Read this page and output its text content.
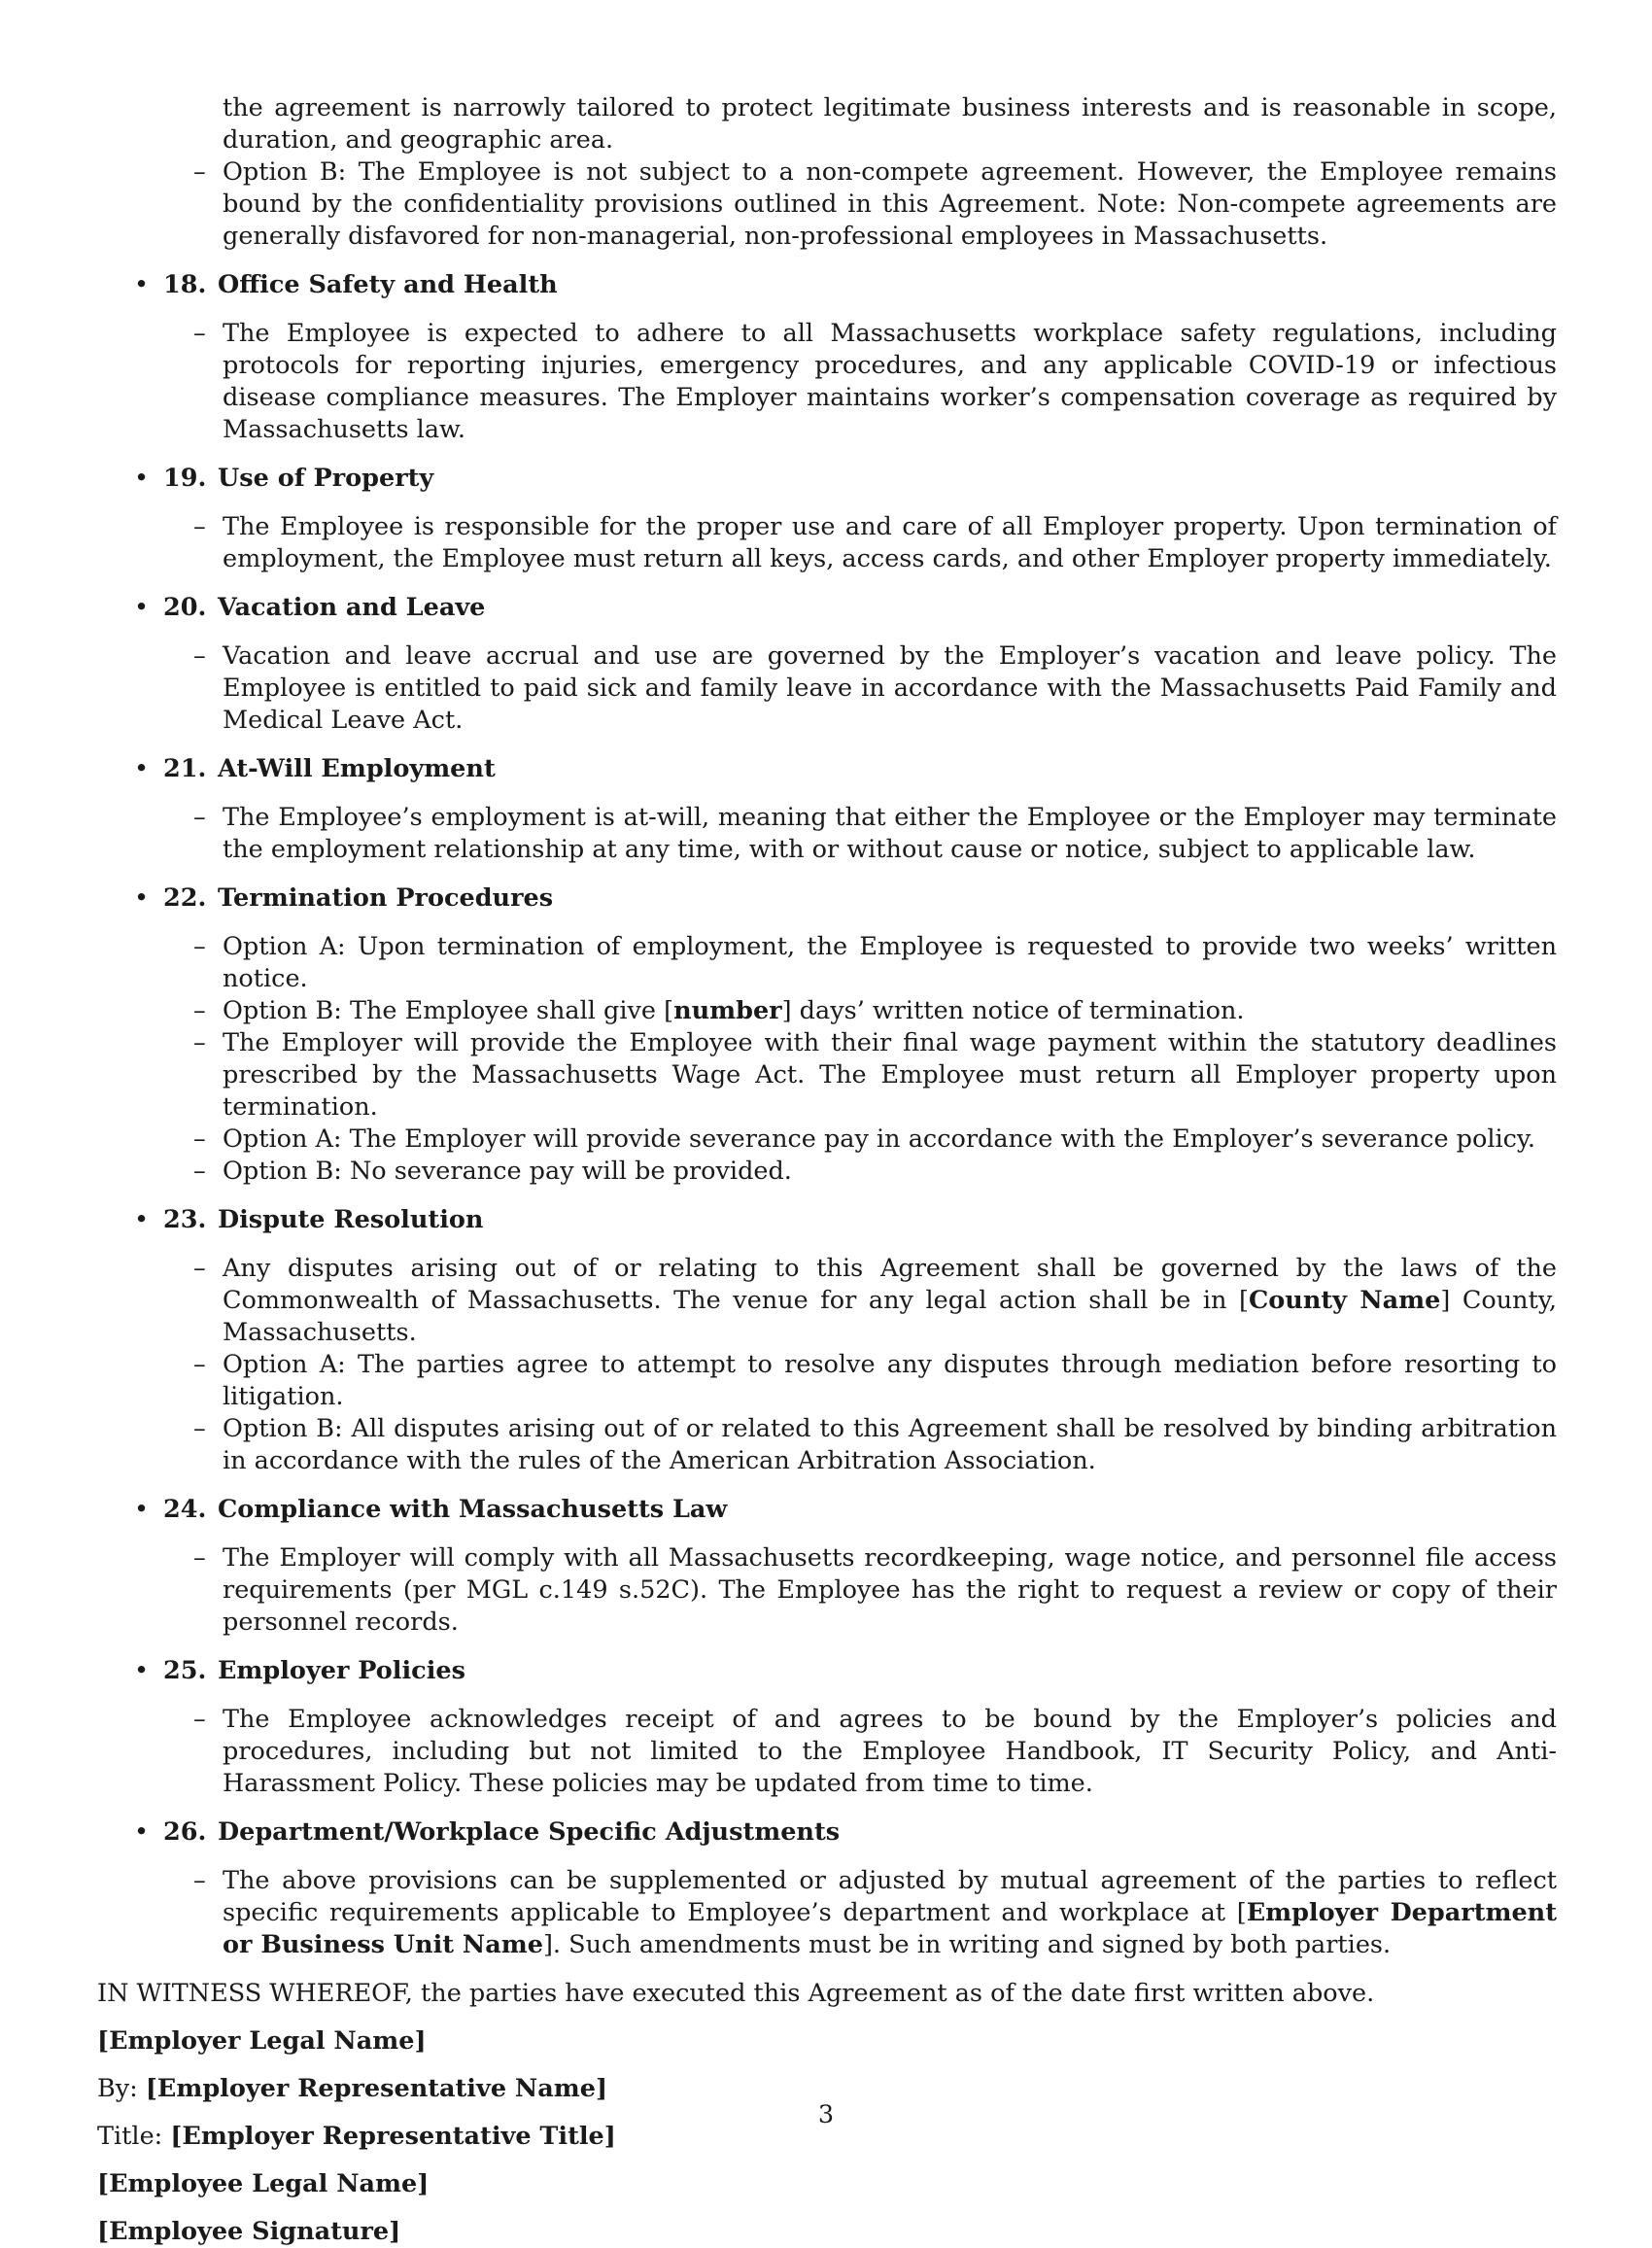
the agreement is narrowly tailored to protect legitimate business interests and is reasonable in scope, duration, and geographic area.
– Option B: The Employee is not subject to a non-compete agreement. However, the Employee remains bound by the confidentiality provisions outlined in this Agreement. Note: Non-compete agreements are generally disfavored for non-managerial, non-professional employees in Massachusetts.
• 18. Office Safety and Health
– The Employee is expected to adhere to all Massachusetts workplace safety regulations, including protocols for reporting injuries, emergency procedures, and any applicable COVID-19 or infectious disease compliance measures. The Employer maintains worker’s compensation coverage as required by Massachusetts law.
• 19. Use of Property
– The Employee is responsible for the proper use and care of all Employer property. Upon termination of employment, the Employee must return all keys, access cards, and other Employer property immediately.
• 20. Vacation and Leave
– Vacation and leave accrual and use are governed by the Employer’s vacation and leave policy. The Employee is entitled to paid sick and family leave in accordance with the Massachusetts Paid Family and Medical Leave Act.
• 21. At-Will Employment
– The Employee’s employment is at-will, meaning that either the Employee or the Employer may terminate the employment relationship at any time, with or without cause or notice, subject to applicable law.
• 22. Termination Procedures
– Option A: Upon termination of employment, the Employee is requested to provide two weeks’ written notice.
– Option B: The Employee shall give [number] days’ written notice of termination.
– The Employer will provide the Employee with their final wage payment within the statutory deadlines prescribed by the Massachusetts Wage Act. The Employee must return all Employer property upon termination.
– Option A: The Employer will provide severance pay in accordance with the Employer’s severance policy.
– Option B: No severance pay will be provided.
• 23. Dispute Resolution
– Any disputes arising out of or relating to this Agreement shall be governed by the laws of the Commonwealth of Massachusetts. The venue for any legal action shall be in [County Name] County, Massachusetts.
– Option A: The parties agree to attempt to resolve any disputes through mediation before resorting to litigation.
– Option B: All disputes arising out of or related to this Agreement shall be resolved by binding arbitration in accordance with the rules of the American Arbitration Association.
• 24. Compliance with Massachusetts Law
– The Employer will comply with all Massachusetts recordkeeping, wage notice, and personnel file access requirements (per MGL c.149 s.52C). The Employee has the right to request a review or copy of their personnel records.
• 25. Employer Policies
– The Employee acknowledges receipt of and agrees to be bound by the Employer’s policies and procedures, including but not limited to the Employee Handbook, IT Security Policy, and Anti-Harassment Policy. These policies may be updated from time to time.
• 26. Department/Workplace Specific Adjustments
– The above provisions can be supplemented or adjusted by mutual agreement of the parties to reflect specific requirements applicable to Employee’s department and workplace at [Employer Department or Business Unit Name]. Such amendments must be in writing and signed by both parties.
IN WITNESS WHEREOF, the parties have executed this Agreement as of the date first written above.
[Employer Legal Name]
By: [Employer Representative Name]
Title: [Employer Representative Title]
[Employee Legal Name]
[Employee Signature]
3
